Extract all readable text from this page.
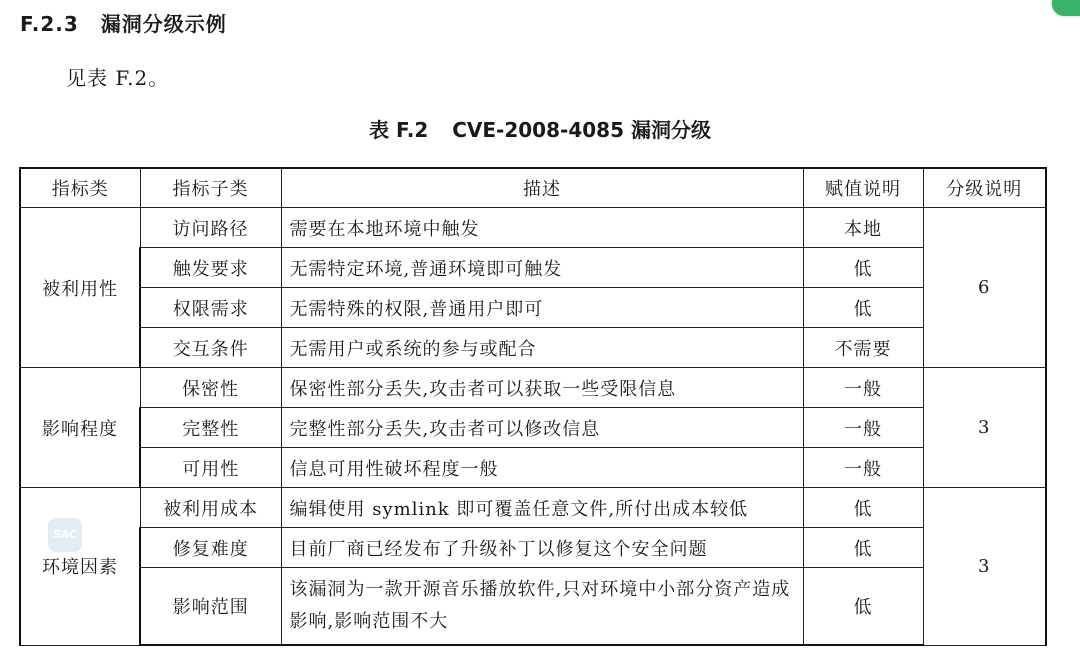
F.2.3 漏洞分级示例
见表 F.2。
表 F.2 CVE-2008-4085 漏洞分级
指标类	指标子类	描述	赋值说明	分级说明
被利用性	访问路径	需要在本地环境中触发	本地	6
	触发要求	无需特定环境,普通环境即可触发	低	
	权限需求	无需特殊的权限,普通用户即可	低	
	交互条件	无需用户或系统的参与或配合	不需要	
影响程度	保密性	保密性部分丢失,攻击者可以获取一些受限信息	一般	3
	完整性	完整性部分丢失,攻击者可以修改信息	一般	
	可用性	信息可用性破坏程度一般	一般	
环境因素	被利用成本	编辑使用 symlink 即可覆盖任意文件,所付出成本较低	低	3
	修复难度	目前厂商已经发布了升级补丁以修复这个安全问题	低	
	影响范围	该漏洞为一款开源音乐播放软件,只对环境中小部分资产造成影响,影响范围不大	低	
SAC
